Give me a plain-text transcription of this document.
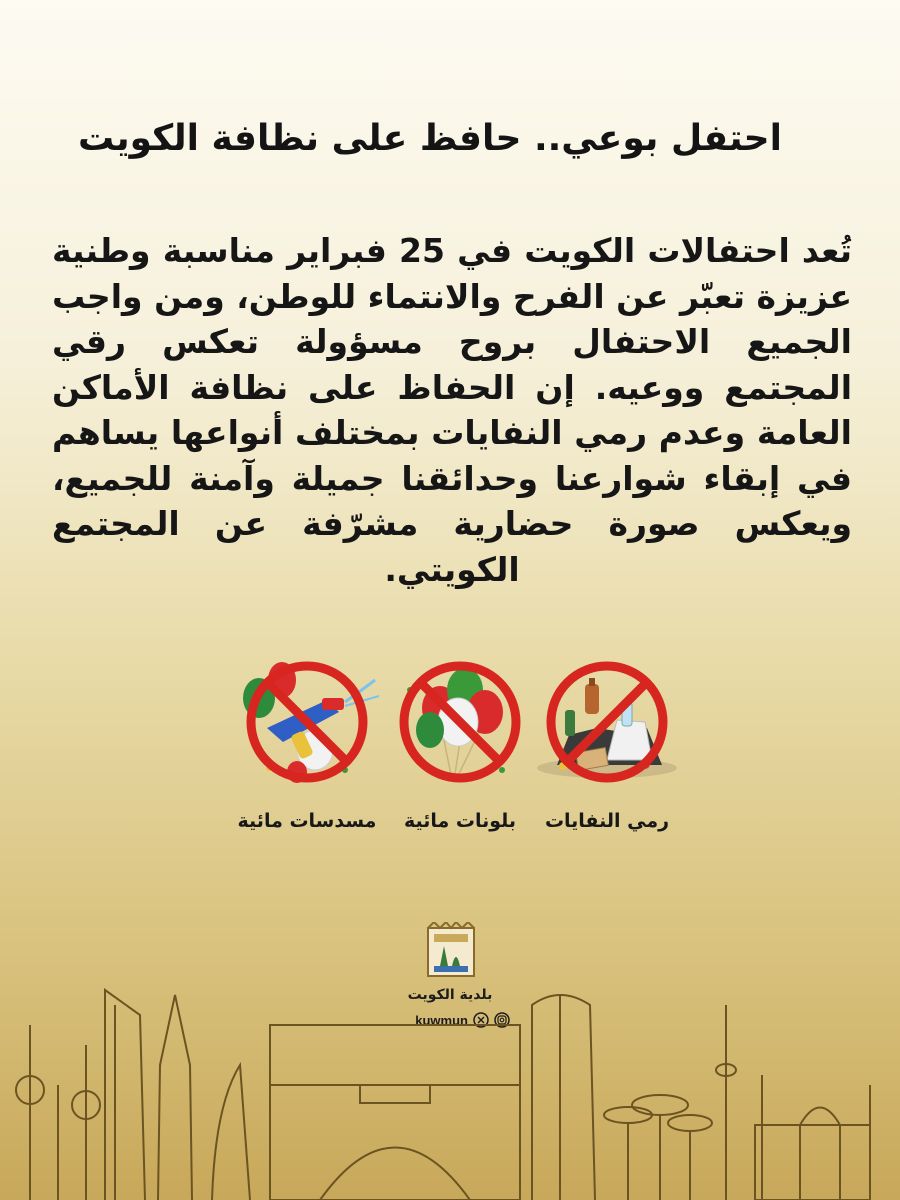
احتفل بوعي.. حافظ على نظافة الكويت

تُعد احتفالات الكويت في 25 فبراير مناسبة وطنية عزيزة تعبّر عن الفرح والانتماء للوطن، ومن واجب الجميع الاحتفال بروح مسؤولة تعكس رقي المجتمع ووعيه. إن الحفاظ على نظافة الأماكن العامة وعدم رمي النفايات بمختلف أنواعها يساهم في إبقاء شوارعنا وحدائقنا جميلة وآمنة للجميع، ويعكس صورة حضارية مشرّفة عن المجتمع الكويتي.

رمي النفايات
بلونات مائية
مسدسات مائية
بلدية الكويت
kuwmun
